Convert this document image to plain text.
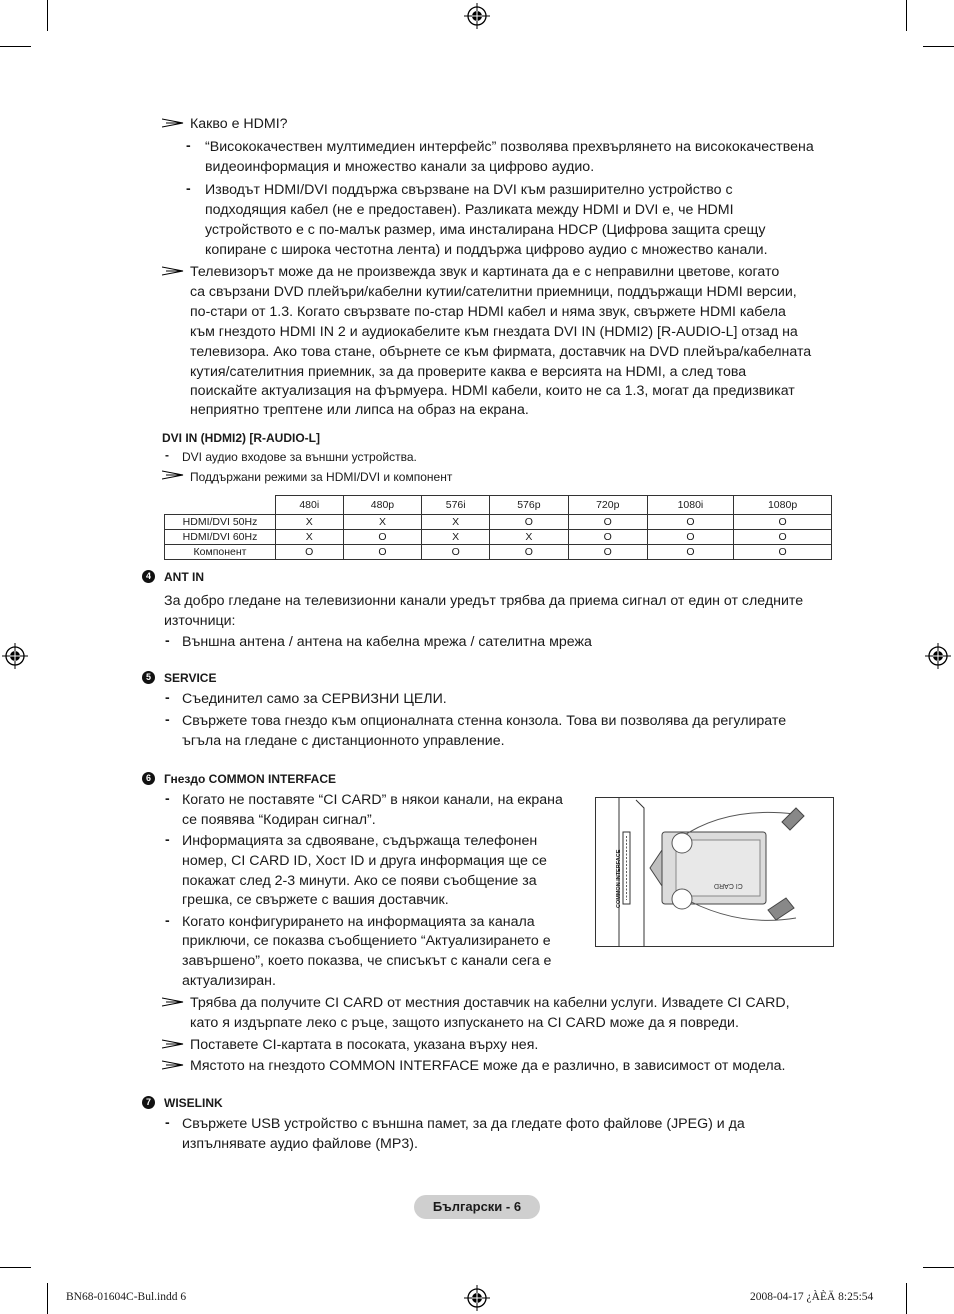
Какво е HDMI?
- “Висококачествен мултимедиен интерфейс” позволява прехвърлянето на висококачествена
видеоинформация и множество канали за цифрово аудио.
- Изводът HDMI/DVI поддържа свързване на DVI към разширително устройство с
подходящия кабел (не е предоставен). Разликата между HDMI и DVI е, че HDMI
устройството е с по-малък размер, има инсталирана HDCP (Цифрова защита срещу
копиране с широка честотна лента) и поддържа цифрово аудио с множество канали.
Телевизорът може да не произвежда звук и картината да е с неправилни цветове, когато
са свързани DVD плейъри/кабелни кутии/сателитни приемници, поддържащи HDMI версии,
по-стари от 1.3. Когато свързвате по-стар HDMI кабел и няма звук, свържете HDMI кабела
към гнездото HDMI IN 2 и аудиокабелите към гнездата DVI IN (HDMI2) [R-AUDIO-L] отзад на
телевизора. Ако това стане, обърнете се към фирмата, доставчик на DVD плейъра/кабелната
кутия/сателитния приемник, за да проверите каква е версията на HDMI, а след това
поискайте актуализация на фърмуера. HDMI кабели, които не са 1.3, могат да предизвикат
неприятно трептене или липса на образ на екрана.
DVI IN (HDMI2) [R-AUDIO-L]
- DVI аудио входове за външни устройства.
Поддържани режими за HDMI/DVI и компонент
	480i	480p	576i	576p	720p	1080i	1080p
HDMI/DVI 50Hz	X	X	X	O	O	O	O
HDMI/DVI 60Hz	X	O	X	X	O	O	O
Компонент	O	O	O	O	O	O	O
4	ANT IN
За добро гледане на телевизионни канали уредът трябва да приема сигнал от един от следните
източници:
- Външна антена / антена на кабелна мрежа / сателитна мрежа
5	SERVICE
- Съединител само за СЕРВИЗНИ ЦЕЛИ.
- Свържете това гнездо към опционалната стенна конзола. Това ви позволява да регулирате
ъгъла на гледане с дистанционното управление.
6	Гнездо COMMON INTERFACE
- Когато не поставяте “CI CARD” в някои канали, на екрана
се появява “Кодиран сигнал”.
- Информацията за сдвояване, съдържаща телефонен
номер, CI CARD ID, Хост ID и друга информация ще се
покажат след 2-3 минути. Ако се появи съобщение за
грешка, се свържете с вашия доставчик.
- Когато конфигурирането на информацията за канала
приключи, се показва съобщението “Актуализирането е
завършено”, което показва, че списъкът с канали сега е
актуализиран.
COMMON INTERFACE	CI CARD
Трябва да получите CI CARD от местния доставчик на кабелни услуги. Извадете CI CARD,
като я издърпате леко с ръце, защото изпускането на CI CARD може да я повреди.
Поставете CI-картата в посоката, указана върху нея.
Мястото на гнездото COMMON INTERFACE може да е различно, в зависимост от модела.
7	WISELINK
- Свържете USB устройство с външна памет, за да гледате фото файлове (JPEG) и да
изпълнявате аудио файлове (MP3).
Български - 6
BN68-01604C-Bul.indd 6	2008-04-17 ¿ÀÈÄ 8:25:54
